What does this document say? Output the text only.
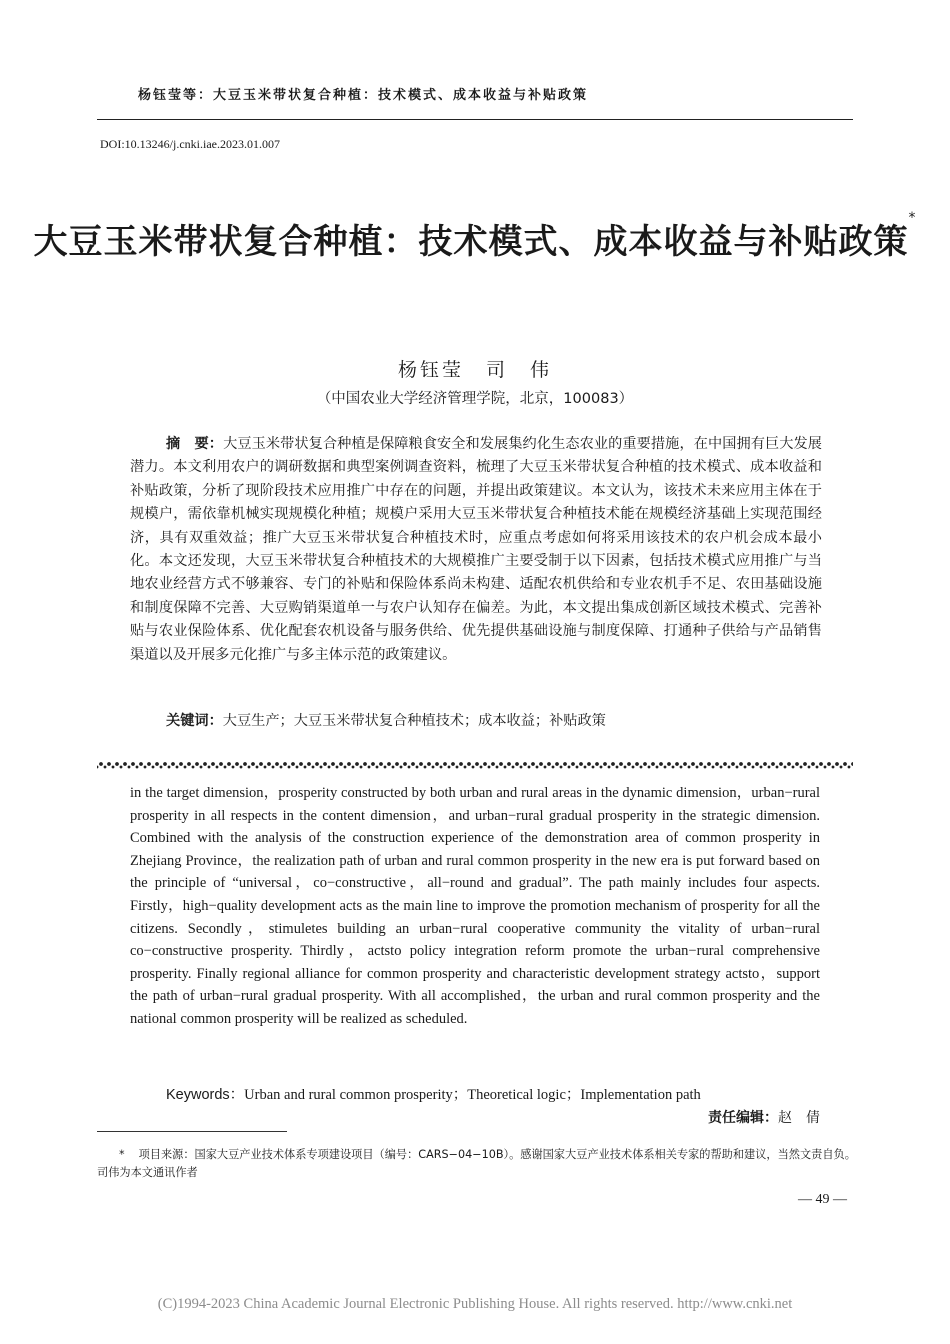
杨钰莹等：大豆玉米带状复合种植：技术模式、成本收益与补贴政策
DOI:10.13246/j.cnki.iae.2023.01.007
大豆玉米带状复合种植：技术模式、成本收益与补贴政策*
杨钰莹　司　伟
（中国农业大学经济管理学院，北京，100083）
摘　要：大豆玉米带状复合种植是保障粮食安全和发展集约化生态农业的重要措施，在中国拥有巨大发展潜力。本文利用农户的调研数据和典型案例调查资料，梳理了大豆玉米带状复合种植的技术模式、成本收益和补贴政策，分析了现阶段技术应用推广中存在的问题，并提出政策建议。本文认为，该技术未来应用主体在于规模户，需依靠机械实现规模化种植；规模户采用大豆玉米带状复合种植技术能在规模经济基础上实现范围经济，具有双重效益；推广大豆玉米带状复合种植技术时，应重点考虑如何将采用该技术的农户机会成本最小化。本文还发现，大豆玉米带状复合种植技术的大规模推广主要受制于以下因素，包括技术模式应用推广与当地农业经营方式不够兼容、专门的补贴和保险体系尚未构建、适配农机供给和专业农机手不足、农田基础设施和制度保障不完善、大豆购销渠道单一与农户认知存在偏差。为此，本文提出集成创新区域技术模式、完善补贴与农业保险体系、优化配套农机设备与服务供给、优先提供基础设施与制度保障、打通种子供给与产品销售渠道以及开展多元化推广与多主体示范的政策建议。
关键词：大豆生产；大豆玉米带状复合种植技术；成本收益；补贴政策
in the target dimension，prosperity constructed by both urban and rural areas in the dynamic dimension，urban−rural prosperity in all respects in the content dimension，and urban−rural gradual prosperity in the strategic dimension. Combined with the analysis of the construction experience of the demonstration area of common prosperity in Zhejiang Province，the realization path of urban and rural common prosperity in the new era is put forward based on the principle of “universal，co−constructive，all−round and gradual”. The path mainly includes four aspects. Firstly，high−quality development acts as the main line to improve the promotion mechanism of prosperity for all the citizens. Secondly，stimuletes building an urban−rural cooperative community the vitality of urban−rural co−constructive prosperity. Thirdly，actsto policy integration reform promote the urban−rural comprehensive prosperity. Finally regional alliance for common prosperity and characteristic development strategy actsto，support the path of urban−rural gradual prosperity. With all accomplished，the urban and rural common prosperity and the national common prosperity will be realized as scheduled.
Keywords：Urban and rural common prosperity；Theoretical logic；Implementation path
责任编辑：赵　倩
* 项目来源：国家大豆产业技术体系专项建设项目（编号：CARS−04−10B）。感谢国家大豆产业技术体系相关专家的帮助和建议，当然文责自负。司伟为本文通讯作者
— 49 —
(C)1994-2023 China Academic Journal Electronic Publishing House. All rights reserved. http://www.cnki.net
